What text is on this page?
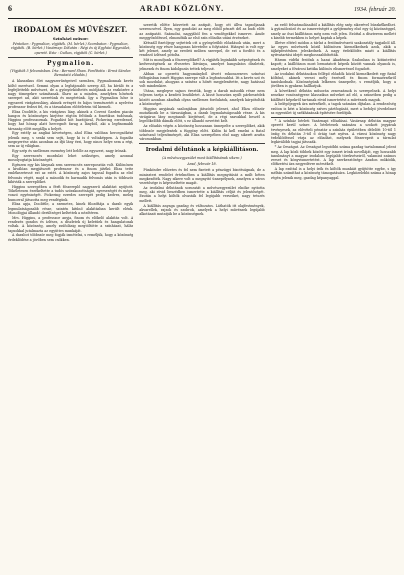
6	ARADI KÖZLÖNY.	1934. február 20.
IRODALOM ÉS MŰVÉSZET.
Színházi műsor:
Pénteken : Pygmalion, vígjáték. (M. bérlet.) Szombaton : Pygmalion, vígjáték. (B. bérlet.) Vasárnap: Délután : Régi és új Egyházi Egyesület, operett. Este : Csókos, vígjáték (C. bérlet.)
Pygmalion.
(Vígjáték 5 felvonásban. Írta : Bernard Shaw. Fordította : Ernst Sándor. Bemutató előadás.)

A klasszikus élet nagyszerűségeivel szemben, Pygmalionnak kevés költő merészel. Semmi olyan a legbájosabb szerep áll, ha kíváló és a legfejlettebb művészet, de a gyönyörködtetés módjának az eszközére a nagy tömegekre számítanak. Shaw az a minden, amelyben hősének szerepet ad, akit szeretünk és megértünk. Így a Pygmalion hőse is egyszerű virágáruslány, akinek erényét és bájos természetét a nyelvész professzor fedezi fel, és a társadalom előítéletein túl kiemeli.

Eliza Doolittle, a kis virágárus lány, akinek a Covent Garden piacán hangos és közönséges kiejtése rögtön feltűnik a fonetikus tudósnak, Higgins professzornak. Fogadást köt barátjával, Pickering ezredessel, hogy hat hónap alatt hercegnőt farag a lányból, aki a legfinomabb társaság előtt megállja a helyét.

Egy estély az angliai követségen, ahol Eliza valóban hercegnőként jelenik meg, s senki sem sejti, hogy ki is ő voltaképpen. A fogadás megnyerése után azonban az ifjú lány érzi, hogy nincs helye sem a régi, sem az új világban.

Egy szép és szellemes esemény lett belőle az egyszeri, nagy írónak.

Egy szerencsés mozdulat lehet szükséges, amely azonnal mosolyogtatja közönségét.

Egészen egy kis lánynak sem szerencsés szereposztás volt. Különösen a kiválóan megjátszott professzor és a finom játékú Eliza tette emlékezetessé ezt az estét. A közönség zajos tapssal fogadta az első felvonás végét, majd a második és harmadik felvonás után is többször kihívták a szereplőket.

Higgins szerepében a férfi főszereplő nagyszerű alakítást nyújtott. Tökéletesen érzékeltette a tudós szórakozottságát, nyerseségét és mégis vonzó egyéniségét. Pickering ezredes szerepét pedig kedves, meleg humorral játszotta meg vendégünk.

Eliza apja, Doolittle, a szemetes, kinek filozófiája a darab egyik legmulatságosabb része, szintén kitűnő alakításban került elénk. Monológjai állandó derültséget keltettek a nézőtéren.

Mrs. Higgins, a professzor anyja, finom és előkelő alakítás volt. A rendezés gondos és ízléses, a díszletek új keletűek és hangulatosak voltak. A közönség, amely zsúfolásig megtöltötte a színházat, hálás tapsokkal jutalmazta az együttes munkáját.

A darabot többször meg fogják ismételni, s reméljük, hogy a közönség érdeklődése a jövőben sem csökken.

szeretik előtte közvetett az antipát, hogy ott állva tapsoljanak szerencsével. Ilyen, egy gondolat az meg ebből pénzét dél az budi előtt az antipatát. Számolni, nagyjából fen a vendégekkel ismerve. Ámde meggyőződéssel, elmondták az első szín előadás utáni érzéseket.

Kétszáll fizetőjegy sejtettek ott a gyönyörűbb előadások után, mert a közönség egy része hangosan követelte a folytatást. Hiányzó is volt egy-két jelenet, amely az eredeti műben szerepel, de ezt a fordító és a rendező ízléssel pótolta.

Mit is mondjunk a főszereplőkről? A vígjáték leginkább szépségének és kedvességének az élvezetes látványa, amelyet hangulatos díszletek, jelmezek és finom kidolgozás tettek teljessé.

Abban az operetti hagyományból átvett rokonszenves színészi felfogásban ismét Higgins szerepe vált a legfontosabbá. Itt a kevés szó és sok mozdulat, ahogyan a színész a hősét megjelenítette, nagy hatással volt mindenkire.

Utána, meglepve sajnos éreztük, hogy a darab második része nem teljesen tartja a kezdeti lendületet. A kissé hosszúra nyúlt párbeszédek között azonban akadtak olyan szellemes fordulatok, amelyek kárpótolták a közönséget.

Higgins anyjának szalonjában játszódó jelenet, ahol Eliza először mutatkozik be a társaságban, a darab legmulatságosabb része. A kis virágárus lány megtanult kiejtéssel, de a régi szavakkal beszél a legelőkelőbb dámák előtt, s ez állandó nevetést kelt.

Az előadás végén a közönség hosszasan ünnepelte a szereplőket, akik többször megjelentek a függöny előtt. Külön ki kell emelni a fiatal színésznő teljesítményét, aki Eliza szerepében első nagy sikerét aratta városunkban.

Irodalmi délutánok a képkiállításon.
(A művészegyesület most kiállításának sikere.)
Arad, február 18.

Pünkösdre előzetes és fel nem fizetett a pénzügyi bizottságnak, de a miniszteri rendelet értelmében a kiállítás megnyitását a múlt héten megkezdték. Nagy sikere volt a megnyitó ünnepélynek, amelyen a város vezetősége is képviseltette magát.

Az irodalmi délutánok sorozatát a művészegyesület elnöke nyitotta meg, aki rövid beszédben ismertette a kiállítás célját és jelentőségét. Ezután a helyi költők olvasták fel legújabb verseiket, nagy tetszés mellett.

A kiállítás anyaga gazdag és változatos. Láthatók itt olajfestmények, akvarellek, rajzok és szobrok, amelyek a helyi művészek legújabb alkotásait mutatják be a közönségnek.

az erdő felszámolásaiból a kiállítás elég szép sikerével büszkélkedhet. A gyümölcsöző és az ismeretségét a gyűjtemény első egy új közönséggel, amely az őszi kiállításon még nem volt jelen. Ezúttal a díszterem mellett a kisebb termekben is helyet kaptak a képek.

Illetve eltérő módon a tárlat a festőművészeti szakosztály tagjaiból áll. Az egyes művészek közül különösen kiemelkednek azok, akik a tájképfestésben jeleskednek. A nagy érdeklődés miatt a kiállítás nyitvatartási idejét meghosszabbították.

Három vidéki festőnk a hazai Akadémia Szalonban is kitüntetést kapott; a kiállításon most bemutatott képeik között vannak olyanok is, amelyeket a fővárosi kritika különös elismeréssel fogadott.

Az irodalmi délutánokon fellépő előadók közül kiemelkedett egy fiatal költőnő, akinek versei mély érzésről és finom formaérzékről tanúskodnak. Közönségünk lelkesen ünnepelte, s reméljük, hogy a jövőben is gyakran hallhatjuk.

A következő délután műsorán zeneszámok is szerepelnek. A helyi zenekar vonósnégyese klasszikus műveket ad elő, a szünetben pedig a kiállított képekről tartanak rövid ismertetést a művészek maguk.

A belépőjegyek ára mérsékelt, a tagok számára díjtalan. A rendezőség ezúton is kéri a közönség szíves pártfogását, mert a befolyó jövedelmet az egyesület új székházának építésére fordítják.

* A színház bérleti Vasárnapi előadásai. Vasárnap délután magyar operett kerül színre. A bérletesek számára a szokott jegyárak érvényesek, az elővételi pénztár a színház épületében délelőtt 10-től 1 óráig és délután 3-tól 6 óráig tart nyitva. A városi közönség nagy érdeklődéssel várja az előadást, melynek főszerepeit a társulat legkiválóbb tagjai játsszák.

* Az Orszägut. Az Orszägut legutóbbi száma gazdag tartalommal jelent meg. A lap közli többek között egy ismert írónk novelláját, egy hosszabb tanulmányt a magyar irodalom legújabb törekvéseiről, valamint számos verset és könyvismertetést. A lap szerkesztősége Aradon működik, előfizetési ára negyedévre mérsékelt.

A lap ezúttal is a helyi írók és költők munkáit gyűjtötte egybe, s így méltán számíthat a közönség támogatására. Legközelebbi száma a hónap végén jelenik meg, gazdag képanyaggal.
